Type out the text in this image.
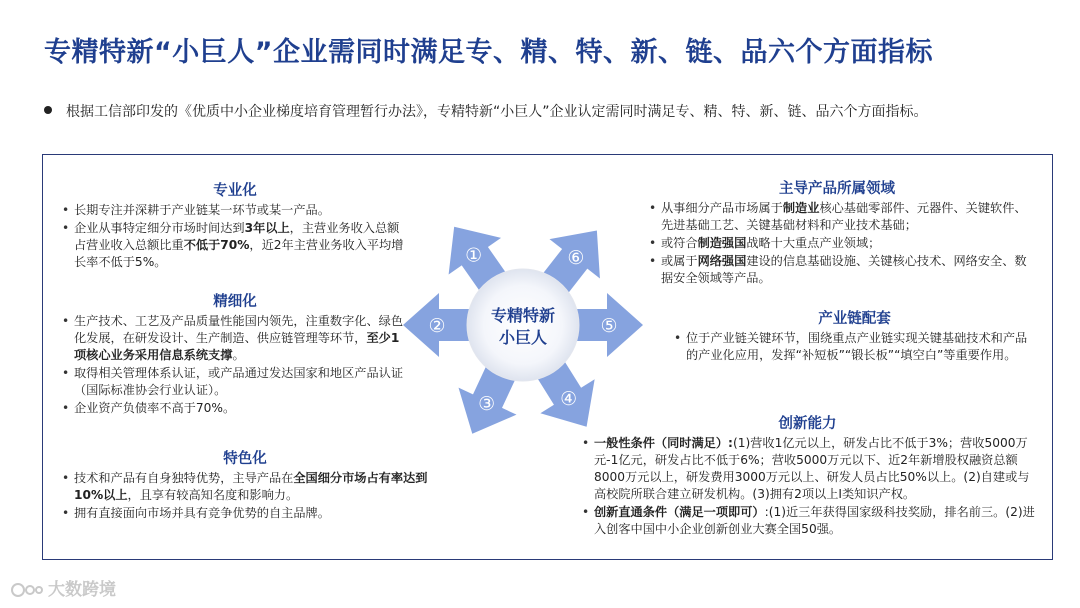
专精特新“小巨人”企业需同时满足专、精、特、新、链、品六个方面指标
根据工信部印发的《优质中小企业梯度培育管理暂行办法》，专精特新“小巨人”企业认定需同时满足专、精、特、新、链、品六个方面指标。
专业化
• 长期专注并深耕于产业链某一环节或某一产品。
• 企业从事特定细分市场时间达到3年以上，主营业务收入总额占营业收入总额比重不低于70%，近2年主营业务收入平均增长率不低于5%。
精细化
• 生产技术、工艺及产品质量性能国内领先，注重数字化、绿色化发展，在研发设计、生产制造、供应链管理等环节，至少1项核心业务采用信息系统支撑。
• 取得相关管理体系认证，或产品通过发达国家和地区产品认证（国际标准协会行业认证）。
• 企业资产负债率不高于70%。
特色化
• 技术和产品有自身独特优势，主导产品在全国细分市场占有率达到10%以上，且享有较高知名度和影响力。
• 拥有直接面向市场并具有竞争优势的自主品牌。
主导产品所属领域
• 从事细分产品市场属于制造业核心基础零部件、元器件、关键软件、先进基础工艺、关键基础材料和产业技术基础；
• 或符合制造强国战略十大重点产业领域；
• 或属于网络强国建设的信息基础设施、关键核心技术、网络安全、数据安全领域等产品。
产业链配套
• 位于产业链关键环节，围绕重点产业链实现关键基础技术和产品的产业化应用，发挥“补短板”“锻长板”“填空白”等重要作用。
创新能力
• 一般性条件（同时满足）:(1)营收1亿元以上，研发占比不低于3%；营收5000万元-1亿元，研发占比不低于6%；营收5000万元以下、近2年新增股权融资总额8000万元以上，研发费用3000万元以上、研发人员占比50%以上。(2)自建或与高校院所联合建立研发机构。(3)拥有2项以上Ⅰ类知识产权。
• 创新直通条件（满足一项即可）:(1)近三年获得国家级科技奖励，排名前三。(2)进入创客中国中小企业创新创业大赛全国50强。
①
②
③	④
⑤
⑥
专精特新
小巨人
大数跨境
